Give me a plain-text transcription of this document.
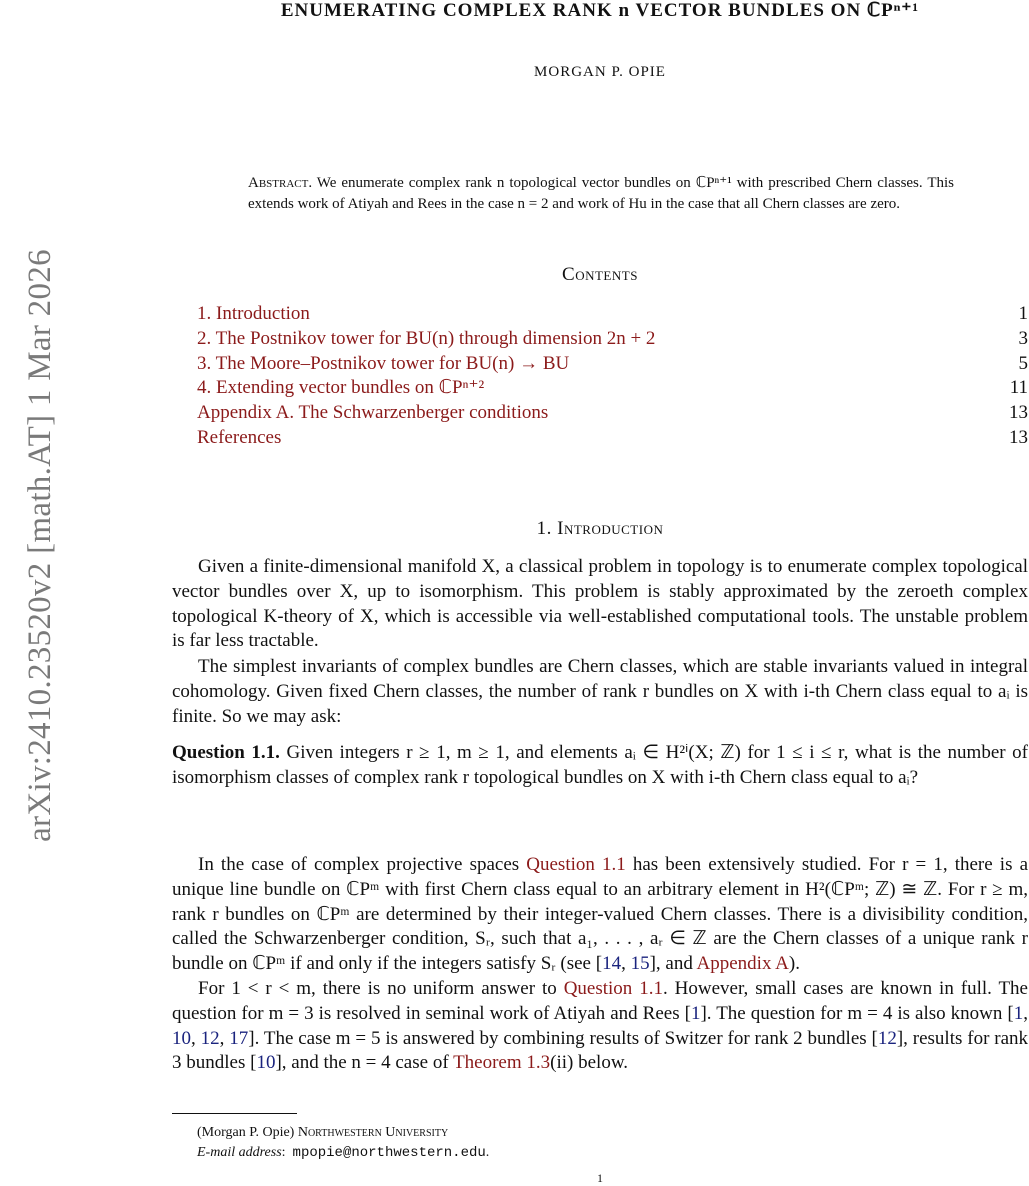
arXiv:2410.23520v2 [math.AT] 1 Mar 2026
ENUMERATING COMPLEX RANK n VECTOR BUNDLES ON ℂPⁿ⁺¹
MORGAN P. OPIE
Abstract. We enumerate complex rank n topological vector bundles on ℂPⁿ⁺¹ with prescribed Chern classes. This extends work of Atiyah and Rees in the case n = 2 and work of Hu in the case that all Chern classes are zero.
Contents
1. Introduction	1
2. The Postnikov tower for BU(n) through dimension 2n + 2	3
3. The Moore–Postnikov tower for BU(n) → BU	5
4. Extending vector bundles on ℂPⁿ⁺²	11
Appendix A. The Schwarzenberger conditions	13
References	13
1. Introduction

Given a finite-dimensional manifold X, a classical problem in topology is to enumerate complex topological vector bundles over X, up to isomorphism. This problem is stably approximated by the zeroeth complex topological K-theory of X, which is accessible via well-established computational tools. The unstable problem is far less tractable.

The simplest invariants of complex bundles are Chern classes, which are stable invariants valued in integral cohomology. Given fixed Chern classes, the number of rank r bundles on X with i-th Chern class equal to aᵢ is finite. So we may ask:

Question 1.1. Given integers r ≥ 1, m ≥ 1, and elements aᵢ ∈ H²ⁱ(X; ℤ) for 1 ≤ i ≤ r, what is the number of isomorphism classes of complex rank r topological bundles on X with i-th Chern class equal to aᵢ?

In the case of complex projective spaces Question 1.1 has been extensively studied. For r = 1, there is a unique line bundle on ℂPᵐ with first Chern class equal to an arbitrary element in H²(ℂPᵐ; ℤ) ≅ ℤ. For r ≥ m, rank r bundles on ℂPᵐ are determined by their integer-valued Chern classes. There is a divisibility condition, called the Schwarzenberger condition, Sᵣ, such that a₁, . . . , aᵣ ∈ ℤ are the Chern classes of a unique rank r bundle on ℂPᵐ if and only if the integers satisfy Sᵣ (see [14, 15], and Appendix A).

For 1 < r < m, there is no uniform answer to Question 1.1. However, small cases are known in full. The question for m = 3 is resolved in seminal work of Atiyah and Rees [1]. The question for m = 4 is also known [1, 10, 12, 17]. The case m = 5 is answered by combining results of Switzer for rank 2 bundles [12], results for rank 3 bundles [10], and the n = 4 case of Theorem 1.3(ii) below.

(Morgan P. Opie) Northwestern University
E-mail address: mpopie@northwestern.edu.
1
